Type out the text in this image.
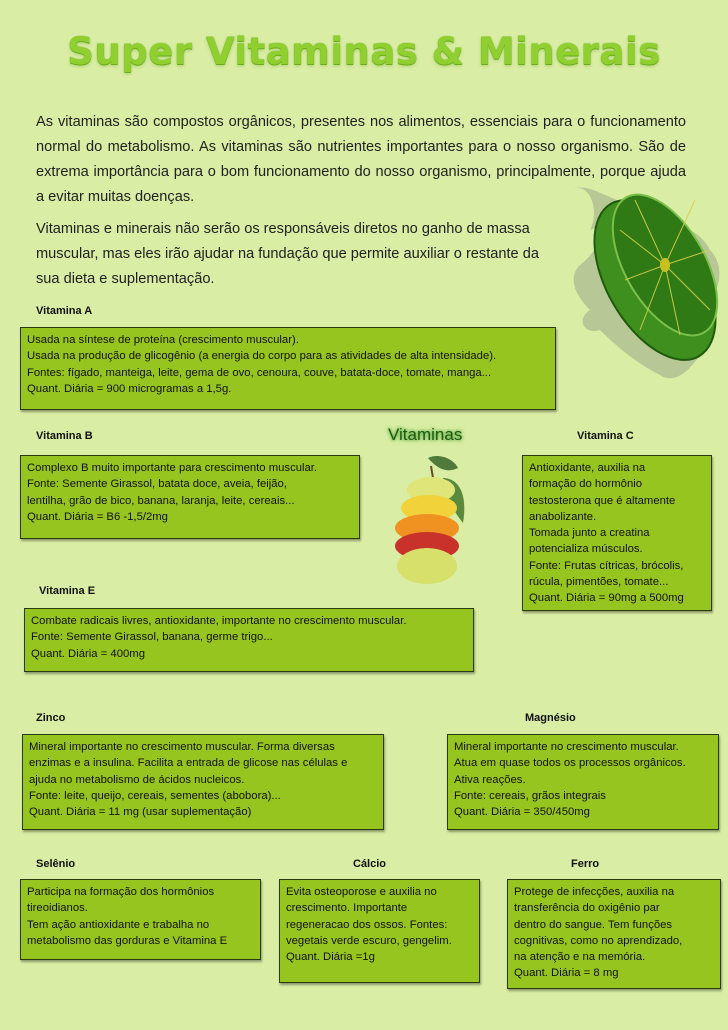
Super Vitaminas & Minerais

As vitaminas são compostos orgânicos, presentes nos alimentos, essenciais para o funcionamento normal do metabolismo. As vitaminas são nutrientes importantes para o nosso organismo. São de extrema importância para o bom funcionamento do nosso organismo, principalmente, porque ajuda a evitar muitas doenças.

Vitaminas e minerais não serão os responsáveis diretos no ganho de massa muscular, mas eles irão ajudar na fundação que permite auxiliar o restante da sua dieta e suplementação.

Vitaminas
Vitamina A
Usada na síntese de proteína (crescimento muscular).
Usada na produção de glicogênio (a energia do corpo para as atividades de alta intensidade).
Fontes: fígado, manteiga, leite, gema de ovo, cenoura, couve, batata-doce, tomate, manga...
Quant. Diária = 900 microgramas a 1,5g.
Vitamina B
Complexo B muito importante para crescimento muscular.
Fonte: Semente Girassol, batata doce, aveia, feijão,
lentilha, grão de bico, banana, laranja, leite, cereais...
Quant. Diária = B6 -1,5/2mg
Vitamina C
Antioxidante, auxilia na
formação do hormônio
testosterona que é altamente
anabolizante.
Tomada junto a creatina
potencializa músculos.
Fonte: Frutas cítricas, brócolis,
rúcula, pimentões, tomate...
Quant. Diária = 90mg a 500mg
Vitamina E
Combate radicais livres, antioxidante, importante no crescimento muscular.
Fonte: Semente Girassol, banana, germe trigo...
Quant. Diária = 400mg
Zinco
Mineral importante no crescimento muscular. Forma diversas
enzimas e a insulina. Facilita a entrada de glicose nas células e
ajuda no metabolismo de ácidos nucleicos.
Fonte: leite, queijo, cereais, sementes (abobora)...
Quant. Diária = 11 mg (usar suplementação)
Magnésio
Mineral importante no crescimento muscular.
Atua em quase todos os processos orgânicos.
Ativa reações.
Fonte: cereais, grãos integrais
Quant. Diária = 350/450mg
Selênio
Participa na formação dos hormônios
tireoidianos.
Tem ação antioxidante e trabalha no
metabolismo das gorduras e Vitamina E
Cálcio
Evita osteoporose e auxilia no
crescimento. Importante
regeneracao dos ossos. Fontes:
vegetais verde escuro, gengelim.
Quant. Diária =1g
Ferro
Protege de infecções, auxilia na
transferência do oxigênio par
dentro do sangue. Tem funções
cognitivas, como no aprendizado,
na atenção e na memória.
Quant. Diária = 8 mg
